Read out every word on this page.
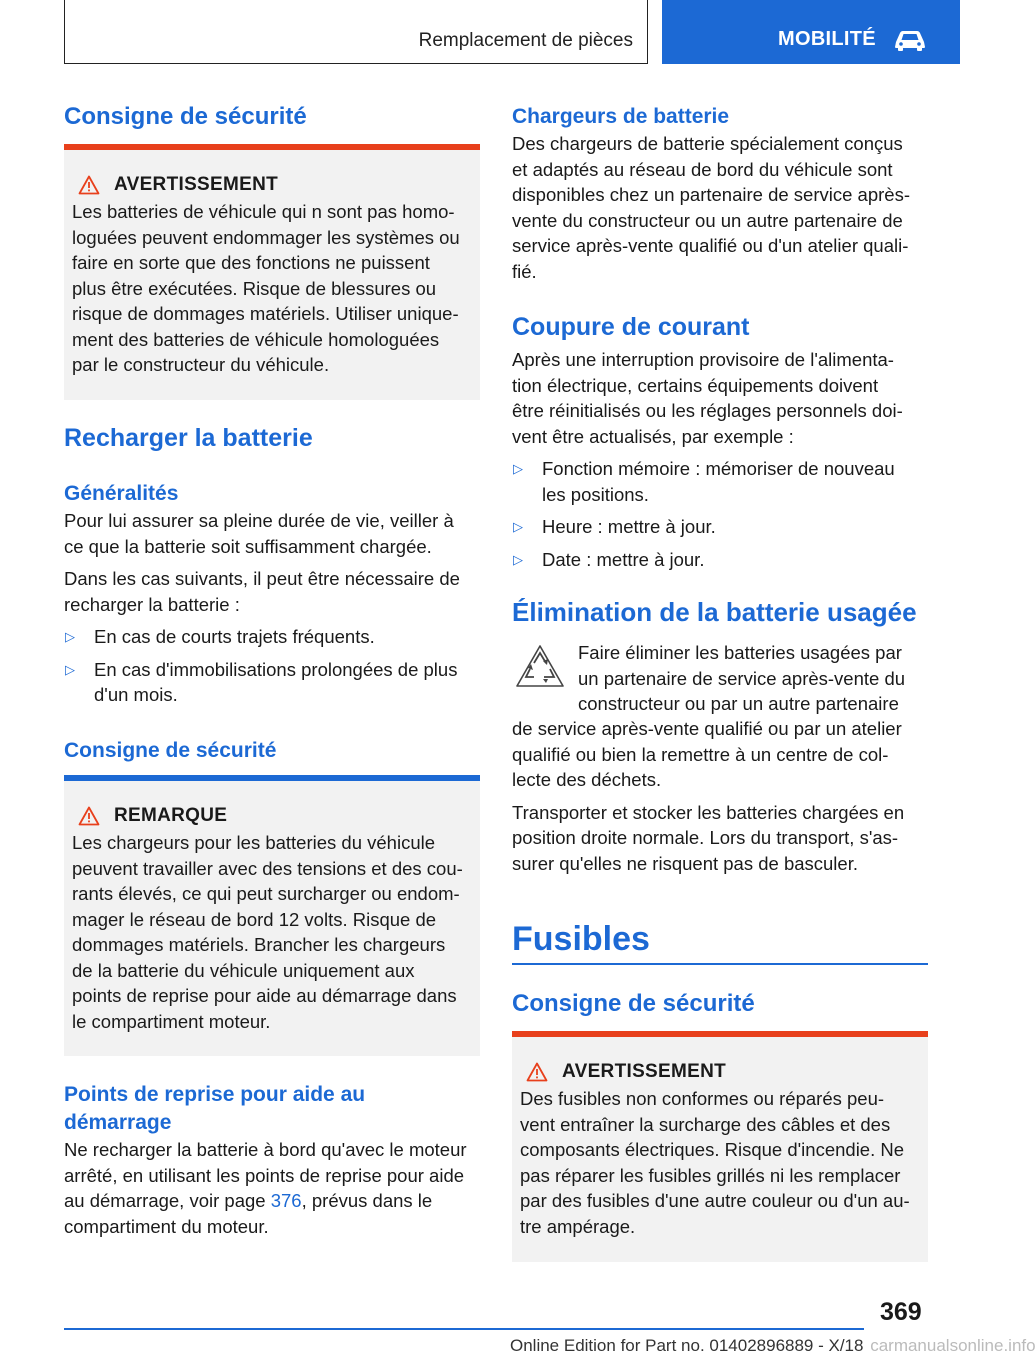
Remplacement de pièces	MOBILITÉ
Consigne de sécurité
AVERTISSEMENT

Les batteries de véhicule qui n sont pas homo-

loguées peuvent endommager les systèmes ou

faire en sorte que des fonctions ne puissent

plus être exécutées. Risque de blessures ou

risque de dommages matériels. Utiliser unique-

ment des batteries de véhicule homologuées

par le constructeur du véhicule.

Recharger la batterie
Généralités

Pour lui assurer sa pleine durée de vie, veiller à

ce que la batterie soit suffisamment chargée.

Dans les cas suivants, il peut être nécessaire de

recharger la batterie :

▷	En cas de courts trajets fréquents.

▷	En cas d'immobilisations prolongées de plus

d'un mois.

Consigne de sécurité
REMARQUE

Les chargeurs pour les batteries du véhicule

peuvent travailler avec des tensions et des cou-

rants élevés, ce qui peut surcharger ou endom-

mager le réseau de bord 12 volts. Risque de

dommages matériels. Brancher les chargeurs

de la batterie du véhicule uniquement aux

points de reprise pour aide au démarrage dans

le compartiment moteur.

Points de reprise pour aide au
démarrage

Ne recharger la batterie à bord qu'avec le moteur

arrêté, en utilisant les points de reprise pour aide

au démarrage, voir page 376, prévus dans le

compartiment du moteur.

Chargeurs de batterie

Des chargeurs de batterie spécialement conçus

et adaptés au réseau de bord du véhicule sont

disponibles chez un partenaire de service après-

vente du constructeur ou un autre partenaire de

service après-vente qualifié ou d'un atelier quali-

fié.

Coupure de courant

Après une interruption provisoire de l'alimenta-

tion électrique, certains équipements doivent

être réinitialisés ou les réglages personnels doi-

vent être actualisés, par exemple :

▷	Fonction mémoire : mémoriser de nouveau

les positions.

▷	Heure : mettre à jour.

▷	Date : mettre à jour.

Élimination de la batterie usagée

Faire éliminer les batteries usagées par

un partenaire de service après-vente du

constructeur ou par un autre partenaire

de service après-vente qualifié ou par un atelier

qualifié ou bien la remettre à un centre de col-

lecte des déchets.

Transporter et stocker les batteries chargées en

position droite normale. Lors du transport, s'as-

surer qu'elles ne risquent pas de basculer.

Fusibles
Consigne de sécurité
AVERTISSEMENT

Des fusibles non conformes ou réparés peu-

vent entraîner la surcharge des câbles et des

composants électriques. Risque d'incendie. Ne

pas réparer les fusibles grillés ni les remplacer

par des fusibles d'une autre couleur ou d'un au-

tre ampérage.

369
Online Edition for Part no. 01402896889 - X/18 carmanualsonline.info
